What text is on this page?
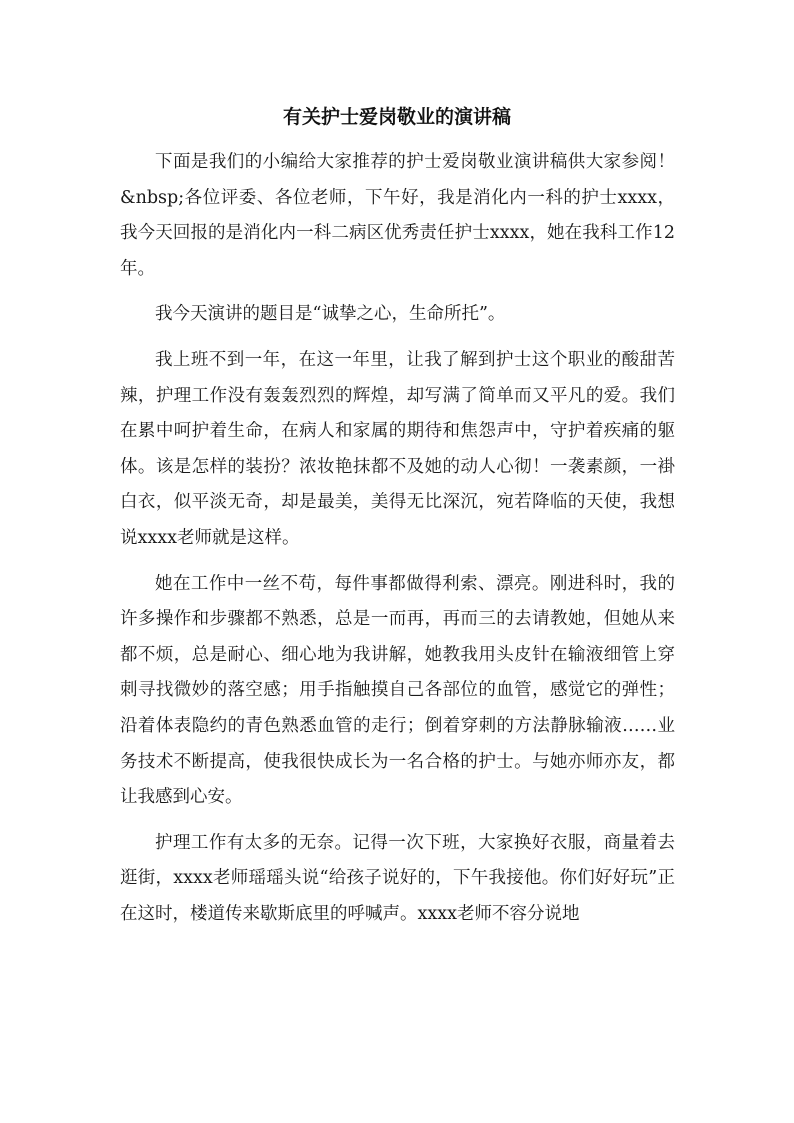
有关护士爱岗敬业的演讲稿

下面是我们的小编给大家推荐的护士爱岗敬业演讲稿供大家参阅！ &nbsp;各位评委、各位老师，下午好，我是消化内一科的护士xxxx，我今天回报的是消化内一科二病区优秀责任护士xxxx，她在我科工作12年。

我今天演讲的题目是“诚挚之心，生命所托”。

我上班不到一年，在这一年里，让我了解到护士这个职业的酸甜苦辣，护理工作没有轰轰烈烈的辉煌，却写满了简单而又平凡的爱。我们在累中呵护着生命，在病人和家属的期待和焦怨声中，守护着疾痛的躯体。该是怎样的装扮？浓妆艳抹都不及她的动人心彻！一袭素颜，一褂白衣，似平淡无奇，却是最美，美得无比深沉，宛若降临的天使，我想说xxxx老师就是这样。

她在工作中一丝不苟，每件事都做得利索、漂亮。刚进科时，我的许多操作和步骤都不熟悉，总是一而再，再而三的去请教她，但她从来都不烦，总是耐心、细心地为我讲解，她教我用头皮针在输液细管上穿刺寻找微妙的落空感；用手指触摸自己各部位的血管，感觉它的弹性；沿着体表隐约的青色熟悉血管的走行；倒着穿刺的方法静脉输液……业务技术不断提高，使我很快成长为一名合格的护士。与她亦师亦友，都让我感到心安。

护理工作有太多的无奈。记得一次下班，大家换好衣服，商量着去逛街，xxxx老师瑶瑶头说“给孩子说好的，下午我接他。你们好好玩”正在这时，楼道传来歇斯底里的呼喊声。xxxx老师不容分说地
